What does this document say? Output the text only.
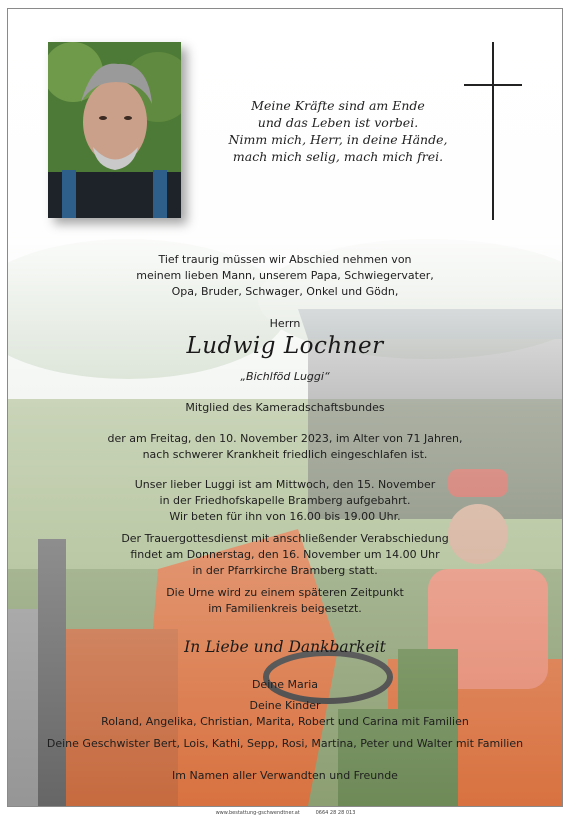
Meine Kräfte sind am Ende
und das Leben ist vorbei.
Nimm mich, Herr, in deine Hände,
mach mich selig, mach mich frei.
Tief traurig müssen wir Abschied nehmen von
meinem lieben Mann, unserem Papa, Schwiegervater,
Opa, Bruder, Schwager, Onkel und Gödn,
Herrn
Ludwig Lochner
„Bichlföd Luggi“
Mitglied des Kameradschaftsbundes
der am Freitag, den 10. November 2023, im Alter von 71 Jahren,
nach schwerer Krankheit friedlich eingeschlafen ist.
Unser lieber Luggi ist am Mittwoch, den 15. November
in der Friedhofskapelle Bramberg aufgebahrt.
Wir beten für ihn von 16.00 bis 19.00 Uhr.
Der Trauergottesdienst mit anschließender Verabschiedung
findet am Donnerstag, den 16. November um 14.00 Uhr
in der Pfarrkirche Bramberg statt.
Die Urne wird zu einem späteren Zeitpunkt
im Familienkreis beigesetzt.
In Liebe und Dankbarkeit
Deine Maria
Deine Kinder
Roland, Angelika, Christian, Marita, Robert und Carina mit Familien
Deine Geschwister Bert, Lois, Kathi, Sepp, Rosi, Martina, Peter und Walter mit Familien
Im Namen aller Verwandten und Freunde
www.bestattung-gschwendtner.at          0664 28 28 013
